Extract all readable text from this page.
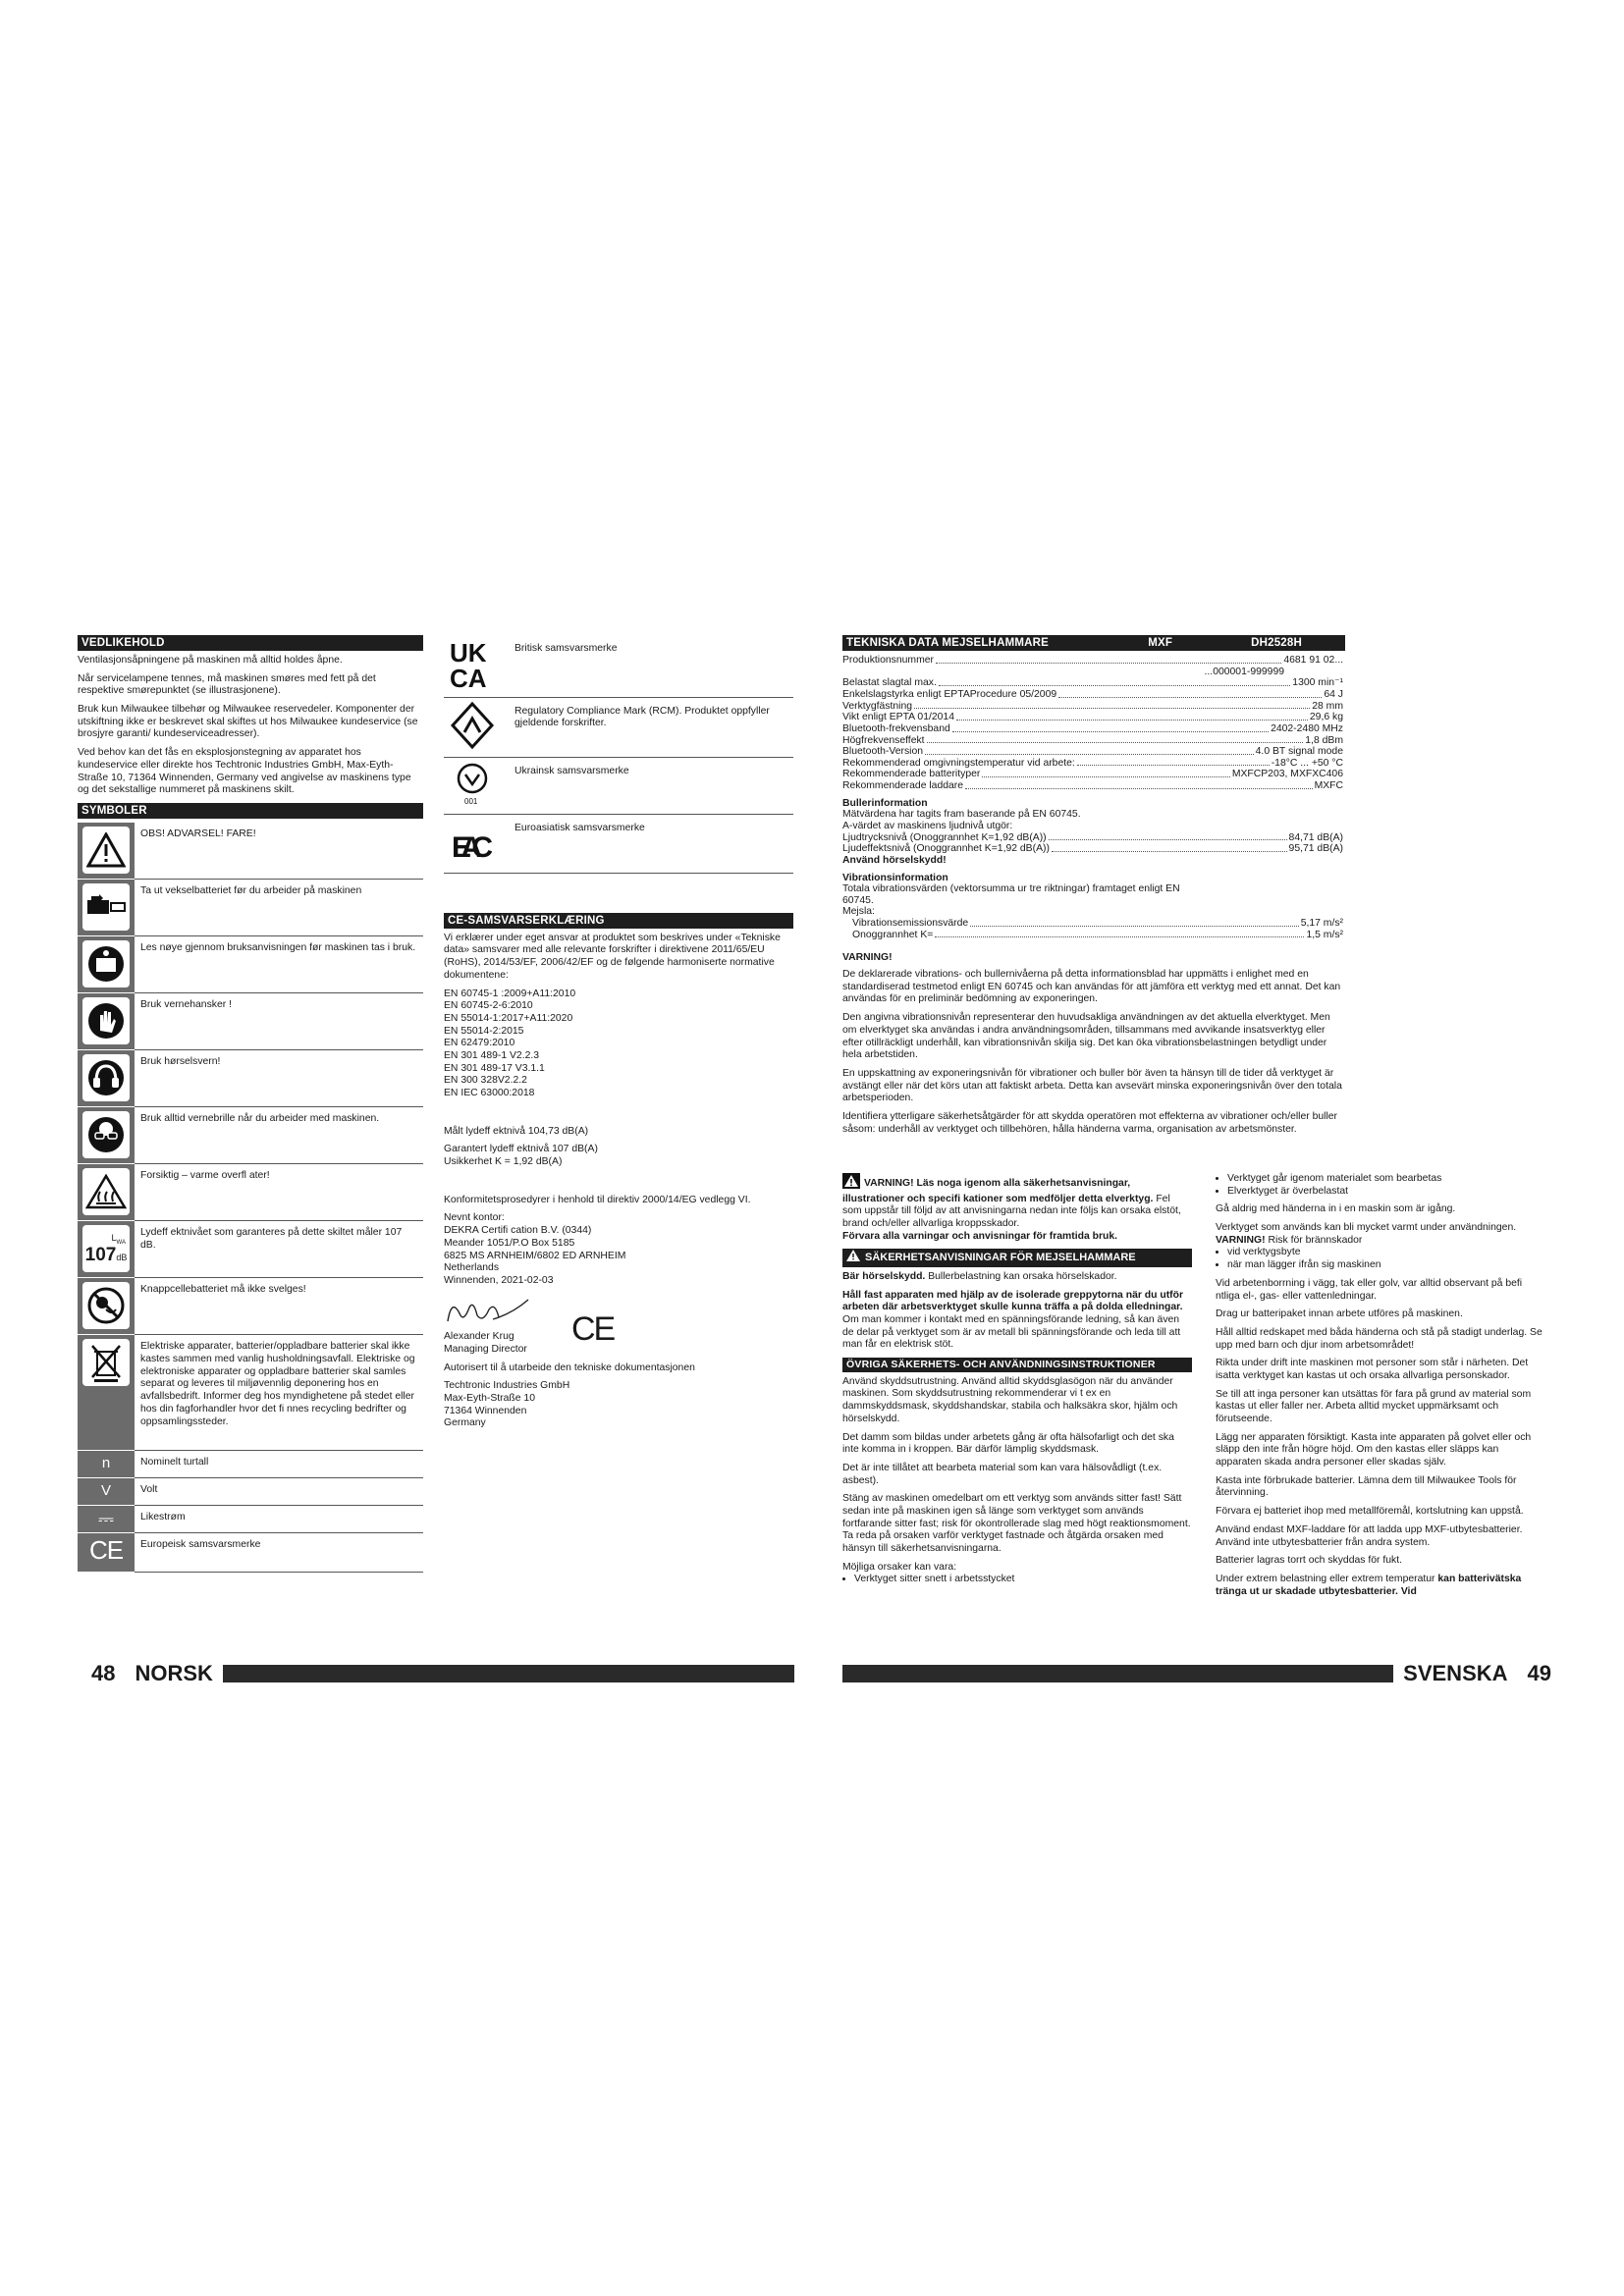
VEDLIKEHOLD

Ventilasjonsåpningene på maskinen må alltid holdes åpne.

Når servicelampene tennes, må maskinen smøres med fett på det respektive smørepunktet (se illustrasjonene).

Bruk kun Milwaukee tilbehør og Milwaukee reservedeler. Komponenter der utskiftning ikke er beskrevet skal skiftes ut hos Milwaukee kundeservice (se brosjyre garanti/ kundeserviceadresser).

Ved behov kan det fås en eksplosjonstegning av apparatet hos kundeservice eller direkte hos Techtronic Industries GmbH, Max-Eyth-Straße 10, 71364 Winnenden, Germany ved angivelse av maskinens type og det sekstallige nummeret på maskinens skilt.

SYMBOLER
	OBS! ADVARSEL! FARE!

	Ta ut vekselbatteriet før du arbeider på maskinen

	Les nøye gjennom bruksanvisningen før maskinen tas i bruk.

	Bruk vernehansker !

	Bruk hørselsvern!

	Bruk alltid vernebrille når du arbeider med maskinen.

	Forsiktig – varme overfl ater!

$L_{WA}$
107dB	Lydeff ektnivået som garanteres på dette skiltet måler 107 dB.

	Knappcellebatteriet må ikke svelges!

	Elektriske apparater, batterier/oppladbare batterier skal ikke kastes sammen med vanlig husholdningsavfall. Elektriske og elektroniske apparater og oppladbare batterier skal samles separat og leveres til miljøvennlig deponering hos en avfallsbedrift. Informer deg hos myndighetene på stedet eller hos din fagforhandler hvor det fi nnes recycling bedrifter og oppsamlingssteder.

n	Nominelt turtall

V	Volt

⎓	Likestrøm

CE	Europeisk samsvarsmerke
UK
CA	Britisk samsvarsmerke

	Regulatory Compliance Mark (RCM). Produktet oppfyller gjeldende forskrifter.

001	Ukrainsk samsvarsmerke

EAC	Euroasiatisk samsvarsmerke
CE-SAMSVARSERKLÆRING

Vi erklærer under eget ansvar at produktet som beskrives under «Tekniske data» samsvarer med alle relevante forskrifter i direktivene 2011/65/EU (RoHS), 2014/53/EF, 2006/42/EF og de følgende harmoniserte normative dokumentene:

EN 60745-1 :2009+A11:2010
EN 60745-2-6:2010
EN 55014-1:2017+A11:2020
EN 55014-2:2015
EN 62479:2010
EN 301 489-1 V2.2.3
EN 301 489-17 V3.1.1
EN 300 328V2.2.2
EN IEC 63000:2018
Målt lydeff ektnivå 104,73 dB(A)
Garantert lydeff ektnivå 107 dB(A)
Usikkerhet K = 1,92 dB(A)

Konformitetsprosedyrer i henhold til direktiv 2000/14/EG vedlegg VI.

Nevnt kontor:
DEKRA Certifi cation B.V. (0344)
Meander 1051/P.O Box 5185
6825 MS ARNHEIM/6802 ED ARNHEIM
Netherlands
Winnenden, 2021-02-03
Alexander Krug
Managing Director
CE

Autorisert til å utarbeide den tekniske dokumentasjonen

Techtronic Industries GmbH
Max-Eyth-Straße 10
71364 Winnenden
Germany
TEKNISKA DATA MEJSELHAMMARE	MXF	DH2528H
Produktionsnummer	4681 91 02...
...000001-999999
Belastat slagtal max.	1300 min⁻¹
Enkelslagstyrka enligt EPTAProcedure 05/2009	64 J
Verktygfästning	28 mm
Vikt enligt EPTA 01/2014	29,6 kg
Bluetooth-frekvensband	2402-2480 MHz
Högfrekvenseffekt	1,8 dBm
Bluetooth-Version	4.0 BT signal mode
Rekommenderad omgivningstemperatur vid arbete:	-18°C ... +50 °C
Rekommenderade batterityper	MXFCP203, MXFXC406
Rekommenderade laddare	MXFC
Bullerinformation
Mätvärdena har tagits fram baserande på EN 60745.
A-värdet av maskinens ljudnivå utgör:
Ljudtrycksnivå (Onoggrannhet K=1,92 dB(A))	84,71 dB(A)
Ljudeffektsnivå (Onoggrannhet K=1,92 dB(A))	95,71 dB(A)
Använd hörselskydd!
Vibrationsinformation
Totala vibrationsvärden (vektorsumma ur tre riktningar) framtaget enligt EN 60745.
Mejsla:
Vibrationsemissionsvärde	5,17 m/s²
Onoggrannhet K=	1,5 m/s²
VARNING!

De deklarerade vibrations- och bullernivåerna på detta informationsblad har uppmätts i enlighet med en standardiserad testmetod enligt EN 60745 och kan användas för att jämföra ett verktyg med ett annat. Det kan användas för en preliminär bedömning av exponeringen.

Den angivna vibrationsnivån representerar den huvudsakliga användningen av det aktuella elverktyget. Men om elverktyget ska användas i andra användningsområden, tillsammans med avvikande insatsverktyg eller efter otillräckligt underhåll, kan vibrationsnivån skilja sig. Det kan öka vibrationsbelastningen betydligt under hela arbetstiden.

En uppskattning av exponeringsnivån för vibrationer och buller bör även ta hänsyn till de tider då verktyget är avstängt eller när det körs utan att faktiskt arbeta. Detta kan avsevärt minska exponeringsnivån över den totala arbetsperioden.

Identifiera ytterligare säkerhetsåtgärder för att skydda operatören mot effekterna av vibrationer och/eller buller såsom: underhåll av verktyget och tillbehören, hålla händerna varma, organisation av arbetsmönster.

VARNING! Läs noga igenom alla säkerhetsanvisningar, illustrationer och specifi kationer som medföljer detta elverktyg. Fel som uppstår till följd av att anvisningarna nedan inte följs kan orsaka elstöt, brand och/eller allvarliga kroppsskador.
Förvara alla varningar och anvisningar för framtida bruk.
SÄKERHETSANVISNINGAR FÖR MEJSELHAMMARE

Bär hörselskydd. Bullerbelastning kan orsaka hörselskador.

Håll fast apparaten med hjälp av de isolerade greppytorna när du utför arbeten där arbetsverktyget skulle kunna träffa a på dolda elledningar. Om man kommer i kontakt med en spänningsförande ledning, så kan även de delar på verktyget som är av metall bli spänningsförande och leda till att man får en elektrisk stöt.

ÖVRIGA SÄKERHETS- OCH ANVÄNDNINGSINSTRUKTIONER

Använd skyddsutrustning. Använd alltid skyddsglasögon när du använder maskinen. Som skyddsutrustning rekommenderar vi t ex en dammskyddsmask, skyddshandskar, stabila och halksäkra skor, hjälm och hörselskydd.

Det damm som bildas under arbetets gång är ofta hälsofarligt och det ska inte komma in i kroppen. Bär därför lämplig skyddsmask.

Det är inte tillåtet att bearbeta material som kan vara hälsovådligt (t.ex. asbest).

Stäng av maskinen omedelbart om ett verktyg som används sitter fast! Sätt sedan inte på maskinen igen så länge som verktyget som används fortfarande sitter fast; risk för okontrollerade slag med högt reaktionsmoment. Ta reda på orsaken varför verktyget fastnade och åtgärda orsaken med hänsyn till säkerhetsanvisningarna.

Möjliga orsaker kan vara:
• Verktyget sitter snett i arbetsstycket
• Verktyget går igenom materialet som bearbetas
• Elverktyget är överbelastat

Gå aldrig med händerna in i en maskin som är igång.

Verktyget som används kan bli mycket varmt under användningen.
VARNING! Risk för brännskador
• vid verktygsbyte
• när man lägger ifrån sig maskinen

Vid arbetenborrning i vägg, tak eller golv, var alltid observant på befi ntliga el-, gas- eller vattenledningar.

Drag ur batteripaket innan arbete utföres på maskinen.

Håll alltid redskapet med båda händerna och stå på stadigt underlag. Se upp med barn och djur inom arbetsområdet!

Rikta under drift inte maskinen mot personer som står i närheten. Det isatta verktyget kan kastas ut och orsaka allvarliga personskador.

Se till att inga personer kan utsättas för fara på grund av material som kastas ut eller faller ner. Arbeta alltid mycket uppmärksamt och förutseende.

Lägg ner apparaten försiktigt. Kasta inte apparaten på golvet eller och släpp den inte från högre höjd. Om den kastas eller släpps kan apparaten skada andra personer eller skadas själv.

Kasta inte förbrukade batterier. Lämna dem till Milwaukee Tools för återvinning.

Förvara ej batteriet ihop med metallföremål, kortslutning kan uppstå.

Använd endast MXF-laddare för att ladda upp MXF-utbytesbatterier. Använd inte utbytesbatterier från andra system.

Batterier lagras torrt och skyddas för fukt.

Under extrem belastning eller extrem temperatur kan batterivätska tränga ut ur skadade utbytesbatterier. Vid
48 NORSK	SVENSKA 49
